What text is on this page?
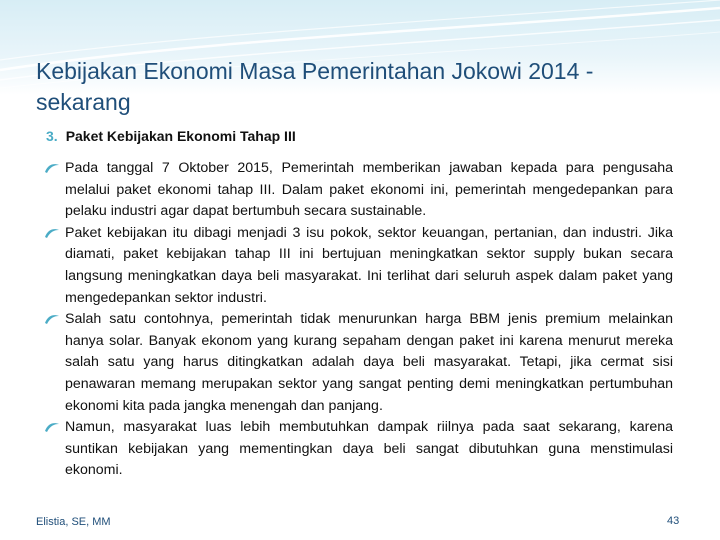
Kebijakan Ekonomi Masa Pemerintahan Jokowi 2014 - sekarang
3. Paket Kebijakan Ekonomi Tahap III

Pada tanggal 7 Oktober 2015, Pemerintah memberikan jawaban kepada para pengusaha melalui paket ekonomi tahap III. Dalam paket ekonomi ini, pemerintah mengedepankan para pelaku industri agar dapat bertumbuh secara sustainable.

Paket kebijakan itu dibagi menjadi 3 isu pokok, sektor keuangan, pertanian, dan industri. Jika diamati, paket kebijakan tahap III ini bertujuan meningkatkan sektor supply bukan secara langsung meningkatkan daya beli masyarakat. Ini terlihat dari seluruh aspek dalam paket yang mengedepankan sektor industri.

Salah satu contohnya, pemerintah tidak menurunkan harga BBM jenis premium melainkan hanya solar. Banyak ekonom yang kurang sepaham dengan paket ini karena menurut mereka salah satu yang harus ditingkatkan adalah daya beli masyarakat. Tetapi, jika cermat sisi penawaran memang merupakan sektor yang sangat penting demi meningkatkan pertumbuhan ekonomi kita pada jangka menengah dan panjang.

Namun, masyarakat luas lebih membutuhkan dampak riilnya pada saat sekarang, karena suntikan kebijakan yang mementingkan daya beli sangat dibutuhkan guna menstimulasi ekonomi.

Elistia, SE, MM	43
